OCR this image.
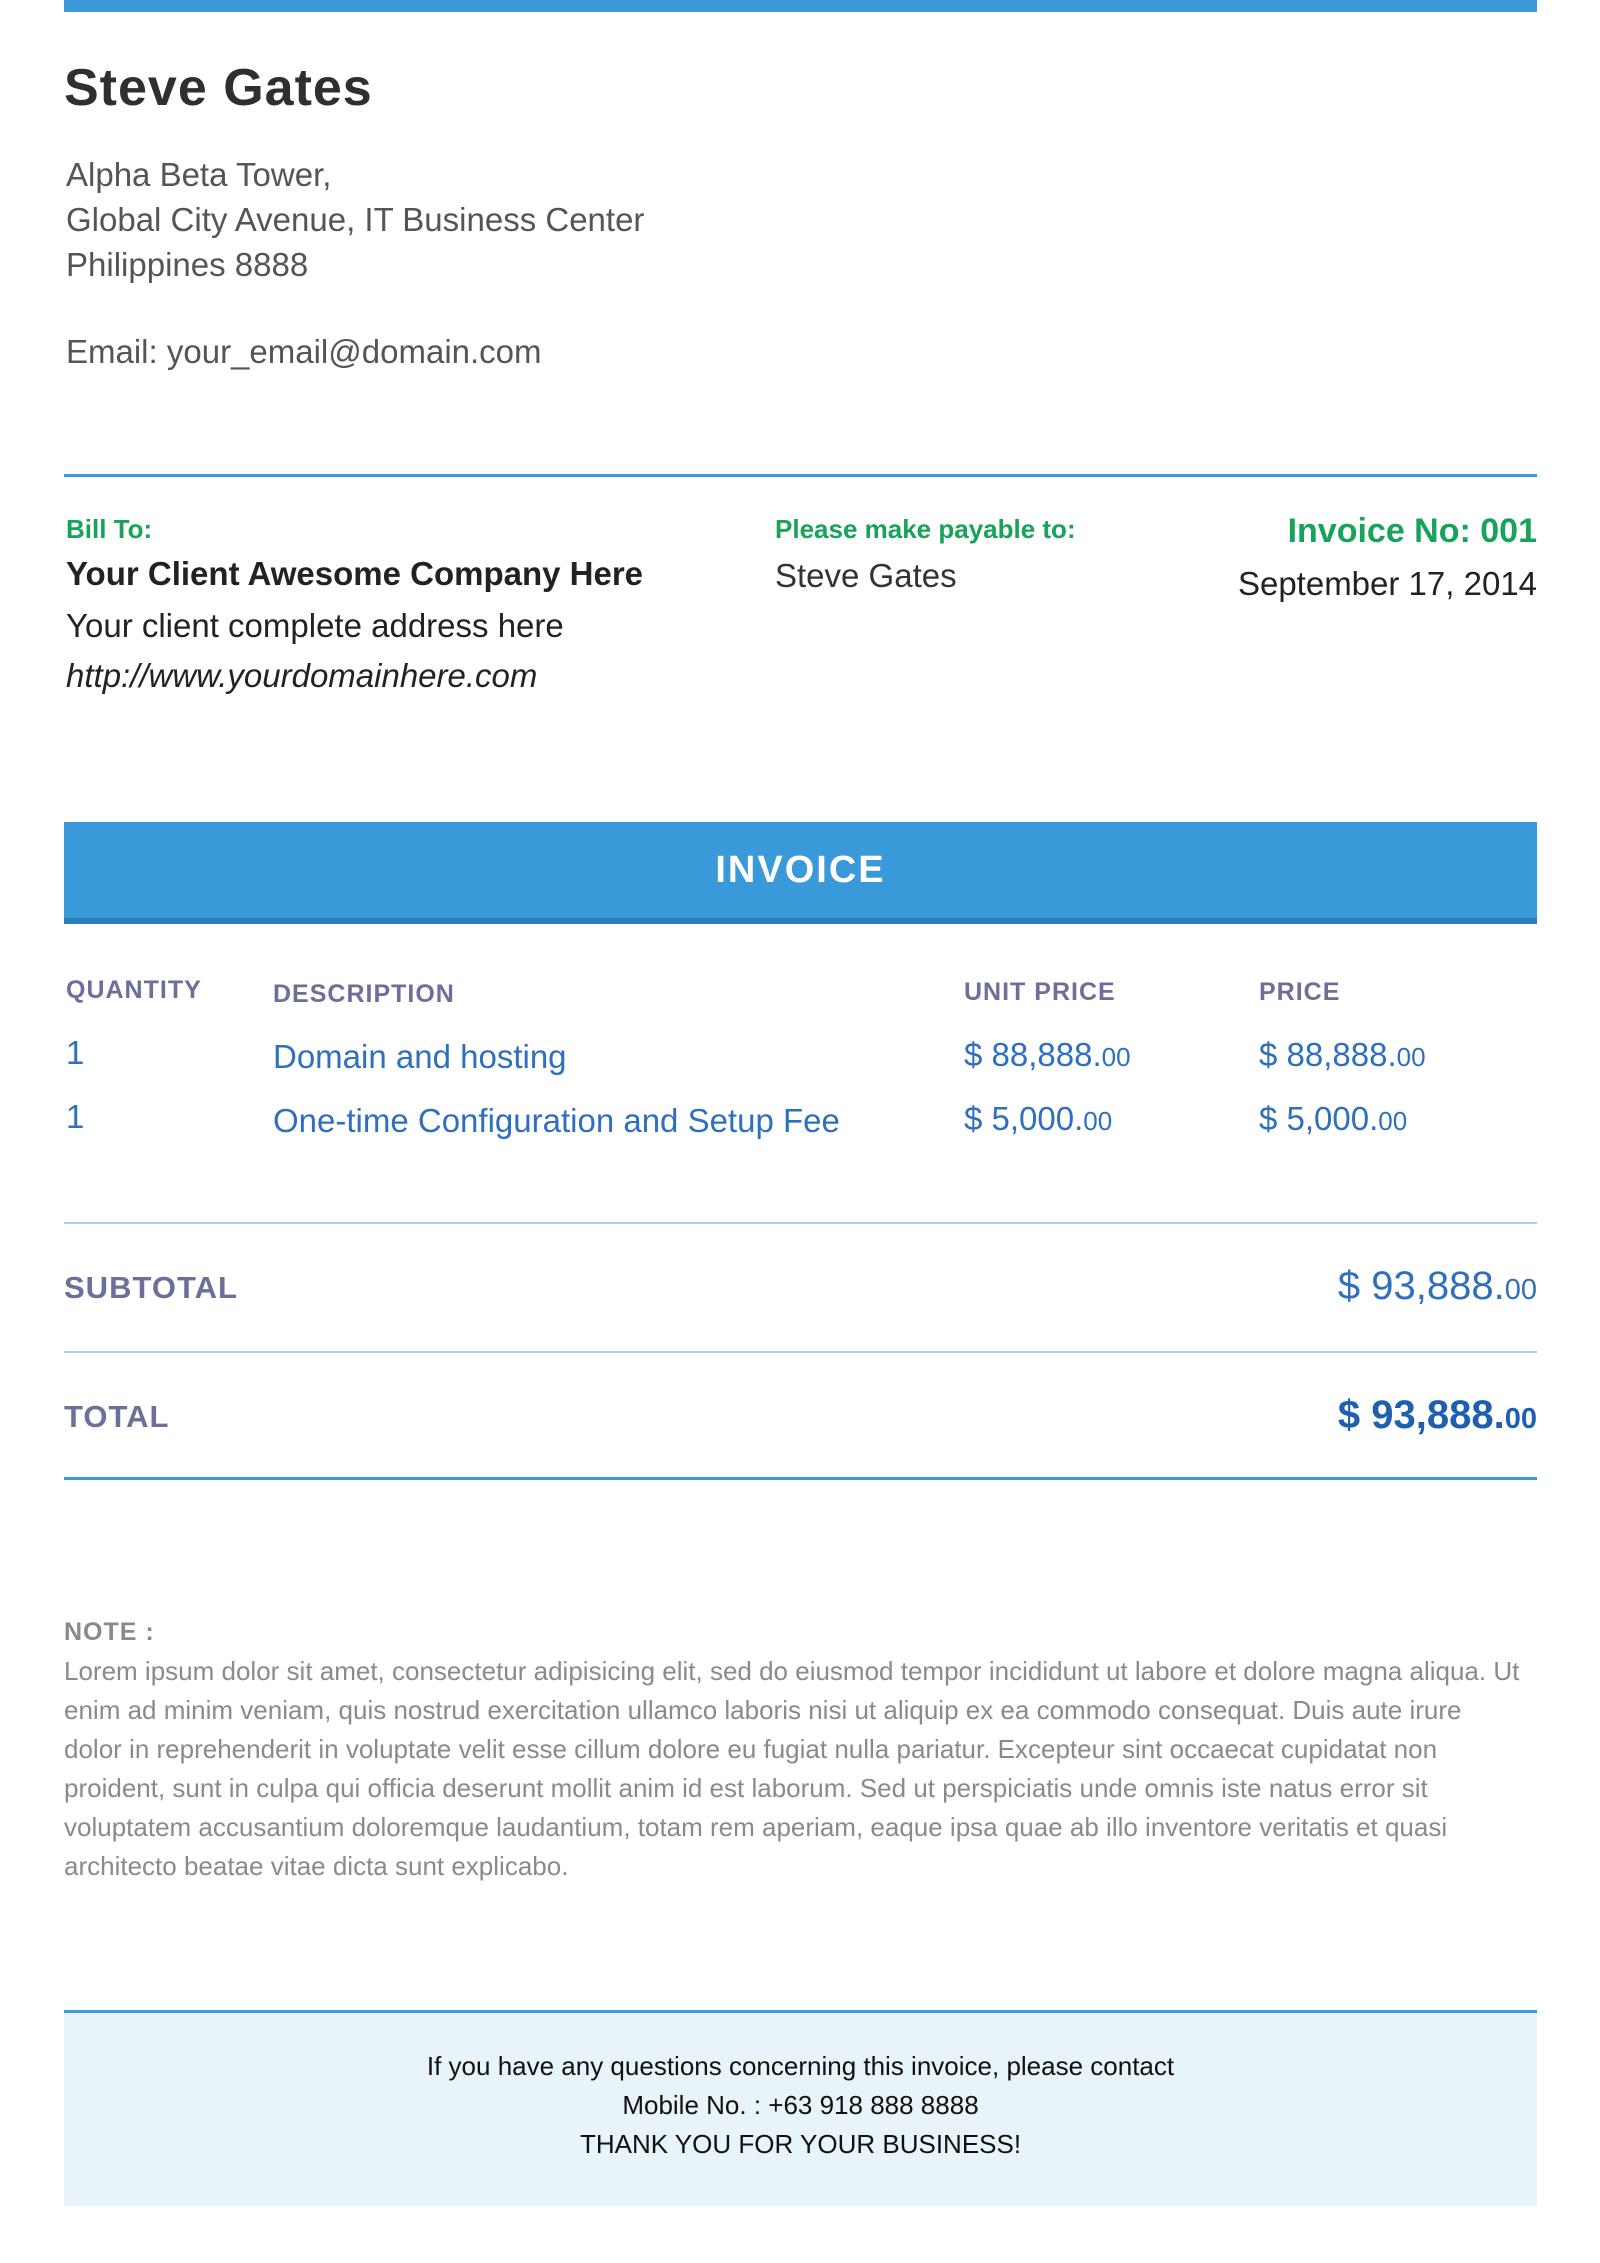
Steve Gates
Alpha Beta Tower,
Global City Avenue, IT Business Center
Philippines 8888
Email: your_email@domain.com
Bill To:
Your Client Awesome Company Here
Your client complete address here
http://www.yourdomainhere.com
Please make payable to:
Steve Gates
Invoice No: 001
September 17, 2014
INVOICE
QUANTITY	DESCRIPTION	UNIT PRICE	PRICE
1	Domain and hosting	$ 88,888.00	$ 88,888.00
1	One-time Configuration and Setup Fee	$ 5,000.00	$ 5,000.00
SUBTOTAL	$ 93,888.00
TOTAL	$ 93,888.00
NOTE :
Lorem ipsum dolor sit amet, consectetur adipisicing elit, sed do eiusmod tempor incididunt ut labore et dolore magna aliqua. Ut enim ad minim veniam, quis nostrud exercitation ullamco laboris nisi ut aliquip ex ea commodo consequat. Duis aute irure dolor in reprehenderit in voluptate velit esse cillum dolore eu fugiat nulla pariatur. Excepteur sint occaecat cupidatat non proident, sunt in culpa qui officia deserunt mollit anim id est laborum. Sed ut perspiciatis unde omnis iste natus error sit voluptatem accusantium doloremque laudantium, totam rem aperiam, eaque ipsa quae ab illo inventore veritatis et quasi architecto beatae vitae dicta sunt explicabo.
If you have any questions concerning this invoice, please contact
Mobile No. : +63 918 888 8888
THANK YOU FOR YOUR BUSINESS!
